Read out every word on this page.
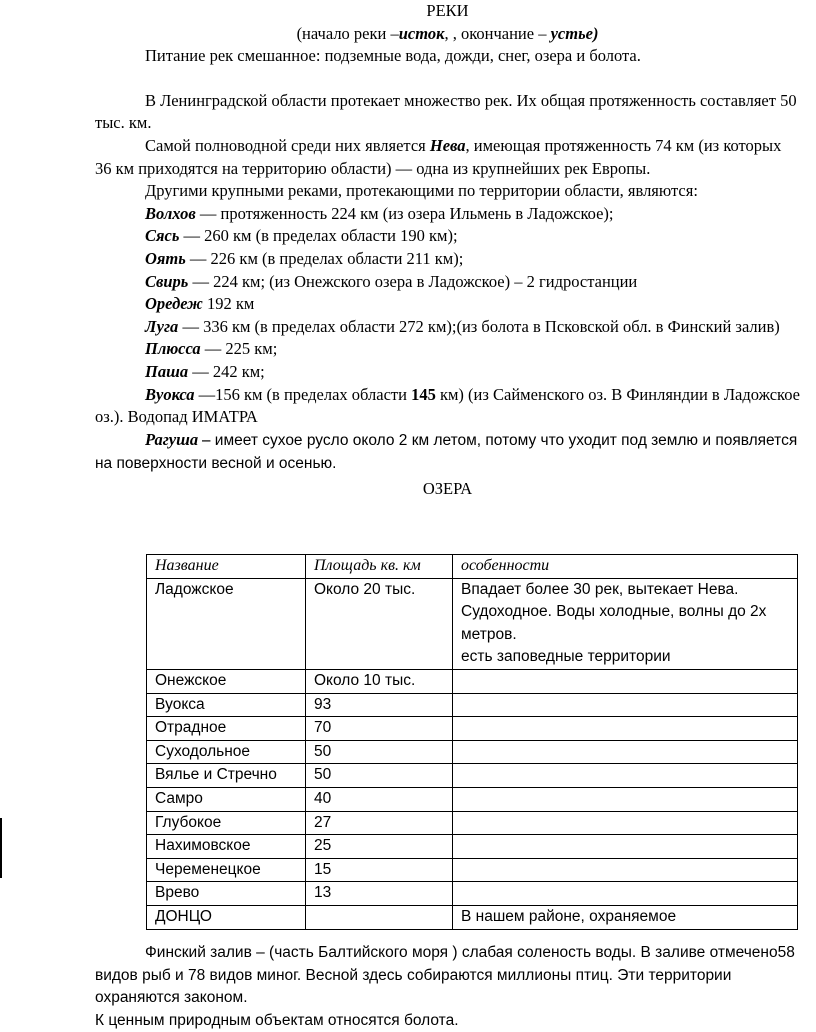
РЕКИ

(начало реки –исток, , окончание – устье)

Питание рек смешанное: подземные вода, дожди, снег, озера и болота.

В Ленинградской области протекает множество рек. Их общая протяженность составляет 50 тыс. км.

Самой полноводной среди них является Нева, имеющая протяженность 74 км (из которых 36 км приходятся на территорию области) — одна из крупнейших рек Европы.

Другими крупными реками, протекающими по территории области, являются:

Волхов — протяженность 224 км (из озера Ильмень в Ладожское);

Сясь — 260 км (в пределах области 190 км);

Оять — 226 км (в пределах области 211 км);

Свирь — 224 км; (из Онежского озера в Ладожское) – 2 гидростанции

Оредеж 192 км

Луга — 336 км (в пределах области 272 км);(из болота в Псковской обл. в Финский залив)

Плюсса — 225 км;

Паша — 242 км;

Вуокса —156 км (в пределах области 145 км) (из Сайменского оз. В Финляндии в Ладожское оз.). Водопад ИМАТРА

Рагуша – имеет сухое русло около 2 км летом, потому что уходит под землю и появляется на поверхности весной и осенью.

ОЗЕРА

Название	Площадь кв. км	особенности
Ладожское	Около 20 тыс.	Впадает более 30 рек, вытекает Нева. Судоходное. Воды холодные, волны до 2х метров.
есть заповедные территории
Онежское	Около 10 тыс.	
Вуокса	93	
Отрадное	70	
Суходольное	50	
Вялье и Стречно	50	
Самро	40	
Глубокое	27	
Нахимовское	25	
Череменецкое	15	
Врево	13	
ДОНЦО		В нашем районе, охраняемое

Финский залив – (часть Балтийского моря ) слабая соленость воды. В заливе отмечено58 видов рыб и 78 видов миног. Весной здесь собираются миллионы птиц. Эти территории охраняются законом.

К ценным природным объектам относятся болота.
